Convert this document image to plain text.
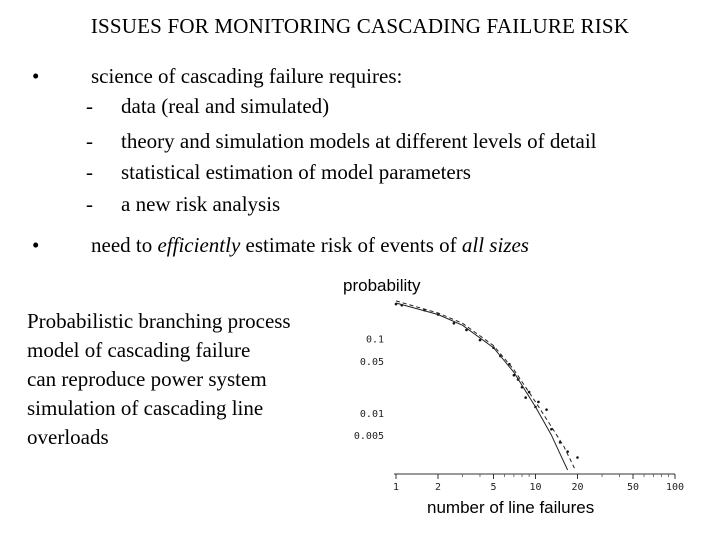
ISSUES FOR MONITORING CASCADING FAILURE RISK
•	science of cascading failure requires:
- data (real and simulated)
- theory and simulation models at different levels of detail
- statistical estimation of model parameters
- a new risk analysis
•	need to efficiently estimate risk of events of all sizes
Probabilistic branching process
model of cascading failure
can reproduce power system
simulation of cascading line
overloads
probability
number of line failures
1	2	5	10	20	50	100
0.1
0.05
0.01
0.005
